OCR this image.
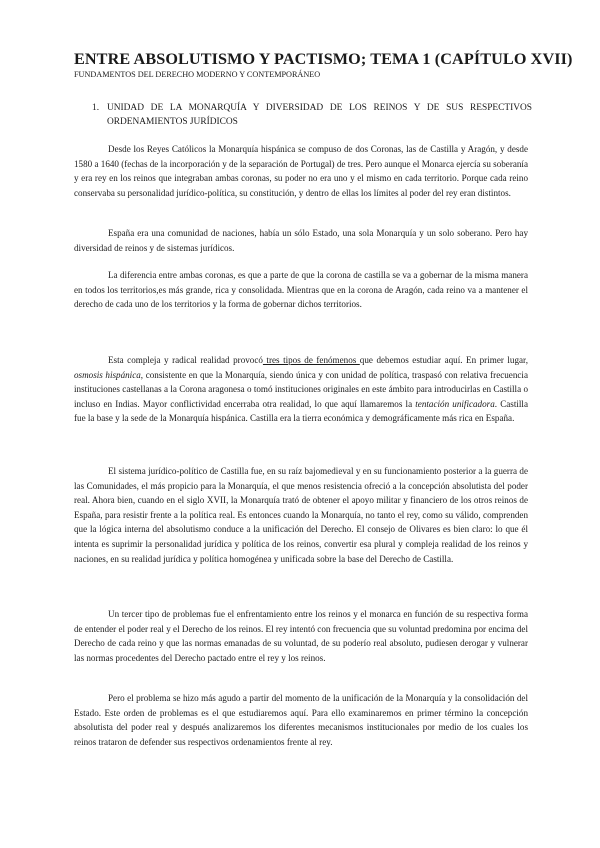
ENTRE ABSOLUTISMO Y PACTISMO; TEMA 1 (CAPÍTULO XVII)

FUNDAMENTOS DEL DERECHO MODERNO Y CONTEMPORÁNEO

1. UNIDAD DE LA MONARQUÍA Y DIVERSIDAD DE LOS REINOS Y DE SUS RESPECTIVOS ORDENAMIENTOS JURÍDICOS

Desde los Reyes Católicos la Monarquía hispánica se compuso de dos Coronas, las de Castilla y Aragón, y desde 1580 a 1640 (fechas de la incorporación y de la separación de Portugal) de tres. Pero aunque el Monarca ejercía su soberanía y era rey en los reinos que integraban ambas coronas, su poder no era uno y el mismo en cada territorio. Porque cada reino conservaba su personalidad jurídico-política, su constitución, y dentro de ellas los límites al poder del rey eran distintos.

España era una comunidad de naciones, había un sólo Estado, una sola Monarquía y un solo soberano. Pero hay diversidad de reinos y de sistemas jurídicos.

La diferencia entre ambas coronas, es que a parte de que la corona de castilla se va a gobernar de la misma manera en todos los territorios,es más grande, rica y consolidada. Mientras que en la corona de Aragón, cada reino va a mantener el derecho de cada uno de los territorios y la forma de gobernar dichos territorios.

Esta compleja y radical realidad provocó tres tipos de fenómenos que debemos estudiar aquí. En primer lugar, osmosis hispánica, consistente en que la Monarquía, siendo única y con unidad de política, traspasó con relativa frecuencia instituciones castellanas a la Corona aragonesa o tomó instituciones originales en este ámbito para introducirlas en Castilla o incluso en Indias. Mayor conflictividad encerraba otra realidad, lo que aquí llamaremos la tentación unificadora. Castilla fue la base y la sede de la Monarquía hispánica. Castilla era la tierra económica y demográficamente más rica en España.

El sistema jurídico-político de Castilla fue, en su raíz bajomedieval y en su funcionamiento posterior a la guerra de las Comunidades, el más propicio para la Monarquía, el que menos resistencia ofreció a la concepción absolutista del poder real. Ahora bien, cuando en el siglo XVII, la Monarquía trató de obtener el apoyo militar y financiero de los otros reinos de España, para resistir frente a la política real. Es entonces cuando la Monarquía, no tanto el rey, como su válido, comprenden que la lógica interna del absolutismo conduce a la unificación del Derecho. El consejo de Olivares es bien claro: lo que él intenta es suprimir la personalidad jurídica y política de los reinos, convertir esa plural y compleja realidad de los reinos y naciones, en su realidad jurídica y política homogénea y unificada sobre la base del Derecho de Castilla.

Un tercer tipo de problemas fue el enfrentamiento entre los reinos y el monarca en función de su respectiva forma de entender el poder real y el Derecho de los reinos. El rey intentó con frecuencia que su voluntad predomina por encima del Derecho de cada reino y que las normas emanadas de su voluntad, de su poderío real absoluto, pudiesen derogar y vulnerar las normas procedentes del Derecho pactado entre el rey y los reinos.

Pero el problema se hizo más agudo a partir del momento de la unificación de la Monarquía y la consolidación del Estado. Este orden de problemas es el que estudiaremos aquí. Para ello examinaremos en primer término la concepción absolutista del poder real y después analizaremos los diferentes mecanismos institucionales por medio de los cuales los reinos trataron de defender sus respectivos ordenamientos frente al rey.
